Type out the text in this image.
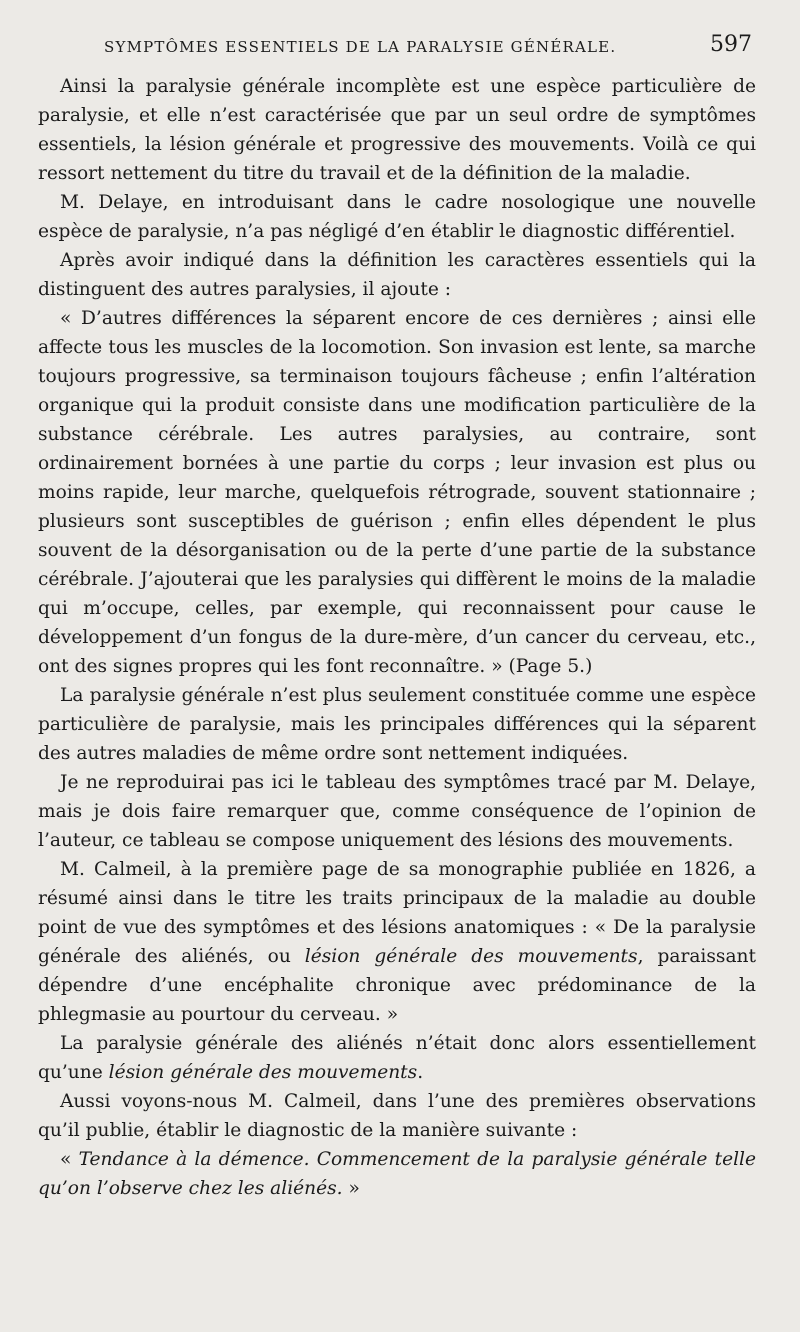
SYMPTÔMES ESSENTIELS DE LA PARALYSIE GÉNÉRALE.	597

Ainsi la paralysie générale incomplète est une espèce particulière de paralysie, et elle n’est caractérisée que par un seul ordre de symptômes essentiels, la lésion générale et progressive des mouvements. Voilà ce qui ressort nettement du titre du travail et de la définition de la maladie.

M. Delaye, en introduisant dans le cadre nosologique une nouvelle espèce de paralysie, n’a pas négligé d’en établir le diagnostic différentiel.

Après avoir indiqué dans la définition les caractères essentiels qui la distinguent des autres paralysies, il ajoute :

« D’autres différences la séparent encore de ces dernières ; ainsi elle affecte tous les muscles de la locomotion. Son invasion est lente, sa marche toujours progressive, sa terminaison toujours fâcheuse ; enfin l’altération organique qui la produit consiste dans une modification particulière de la substance cérébrale. Les autres paralysies, au contraire, sont ordinairement bornées à une partie du corps ; leur invasion est plus ou moins rapide, leur marche, quelquefois rétrograde, souvent stationnaire ; plusieurs sont susceptibles de guérison ; enfin elles dépendent le plus souvent de la désorganisation ou de la perte d’une partie de la substance cérébrale. J’ajouterai que les paralysies qui diffèrent le moins de la maladie qui m’occupe, celles, par exemple, qui reconnaissent pour cause le développement d’un fongus de la dure-mère, d’un cancer du cerveau, etc., ont des signes propres qui les font reconnaître. » (Page 5.)

La paralysie générale n’est plus seulement constituée comme une espèce particulière de paralysie, mais les principales différences qui la séparent des autres maladies de même ordre sont nettement indiquées.

Je ne reproduirai pas ici le tableau des symptômes tracé par M. Delaye, mais je dois faire remarquer que, comme conséquence de l’opinion de l’auteur, ce tableau se compose uniquement des lésions des mouvements.

M. Calmeil, à la première page de sa monographie publiée en 1826, a résumé ainsi dans le titre les traits principaux de la maladie au double point de vue des symptômes et des lésions anatomiques : « De la paralysie générale des aliénés, ou lésion générale des mouvements, paraissant dépendre d’une encéphalite chronique avec prédominance de la phlegmasie au pourtour du cerveau. »

La paralysie générale des aliénés n’était donc alors essentiellement qu’une lésion générale des mouvements.

Aussi voyons-nous M. Calmeil, dans l’une des premières observations qu’il publie, établir le diagnostic de la manière suivante :

« Tendance à la démence. Commencement de la paralysie générale telle qu’on l’observe chez les aliénés. »
